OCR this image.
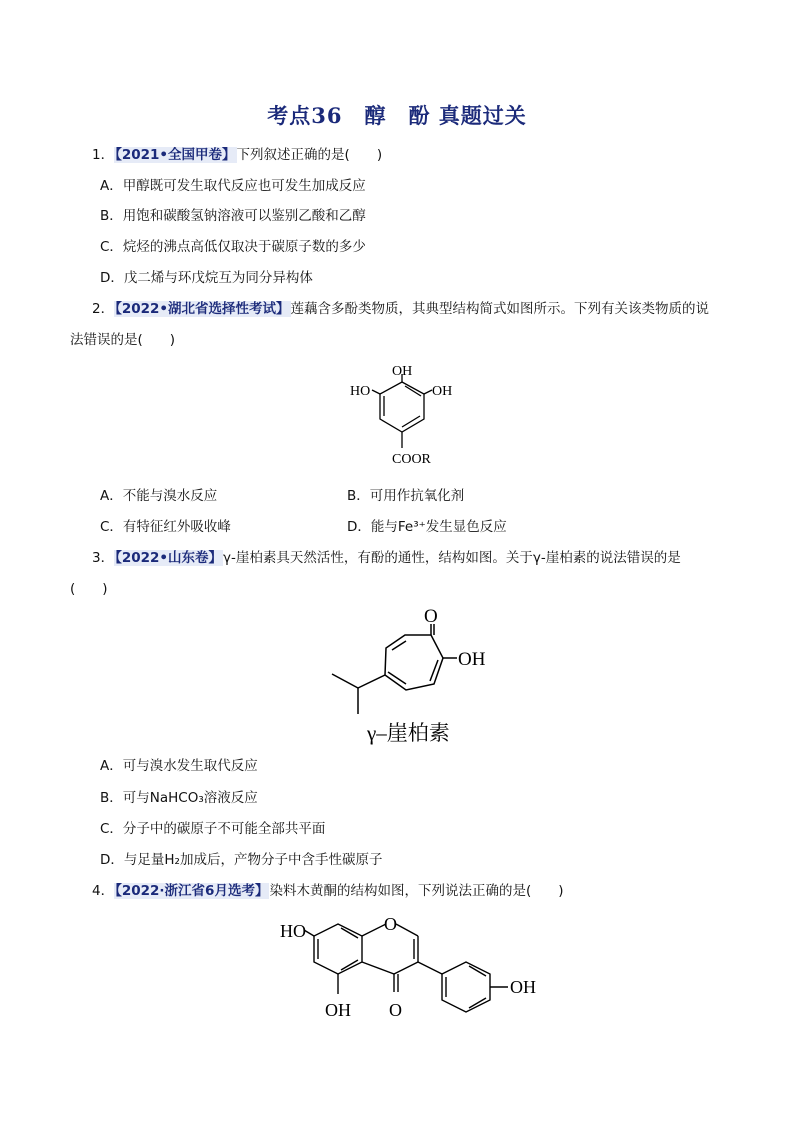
考点36　醇　酚 真题过关
1．【2021•全国甲卷】下列叙述正确的是(　　)
A．甲醇既可发生取代反应也可发生加成反应
B．用饱和碳酸氢钠溶液可以鉴别乙酸和乙醇
C．烷烃的沸点高低仅取决于碳原子数的多少
D．戊二烯与环戊烷互为同分异构体
2．【2022•湖北省选择性考试】莲藕含多酚类物质，其典型结构简式如图所示。下列有关该类物质的说
法错误的是(　　)
OH
HO	OH
COOR
A．不能与溴水反应	B．可用作抗氧化剂
C．有特征红外吸收峰	D．能与Fe³⁺发生显色反应
3．【2022•山东卷】γ-崖柏素具天然活性，有酚的通性，结构如图。关于γ-崖柏素的说法错误的是
(　　)
O
OH
γ–崖柏素
A．可与溴水发生取代反应
B．可与NaHCO₃溶液反应
C．分子中的碳原子不可能全部共平面
D．与足量H₂加成后，产物分子中含手性碳原子
4．【2022·浙江省6月选考】染料木黄酮的结构如图，下列说法正确的是(　　)
HO	O
OH O
OH
